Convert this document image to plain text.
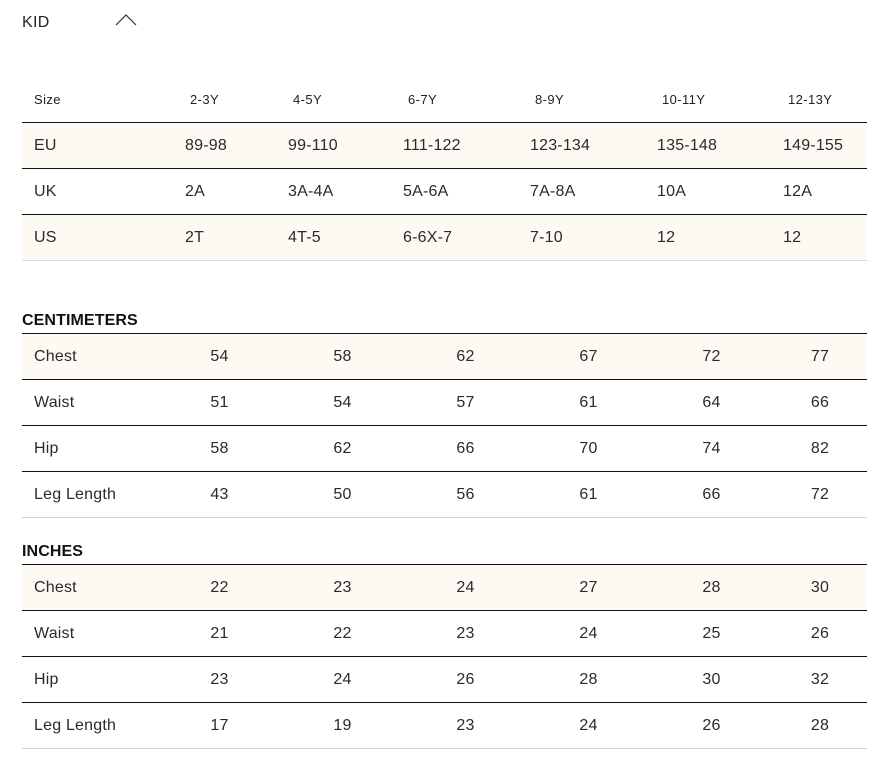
KID
Size	2-3Y	4-5Y	6-7Y	8-9Y	10-11Y	12-13Y
EU	89-98	99-110	111-122	123-134	135-148	149-155
UK	2A	3A-4A	5A-6A	7A-8A	10A	12A
US	2T	4T-5	6-6X-7	7-10	12	12
CENTIMETERS
Chest	54	58	62	67	72	77
Waist	51	54	57	61	64	66
Hip	58	62	66	70	74	82
Leg Length	43	50	56	61	66	72
INCHES
Chest	22	23	24	27	28	30
Waist	21	22	23	24	25	26
Hip	23	24	26	28	30	32
Leg Length	17	19	23	24	26	28
